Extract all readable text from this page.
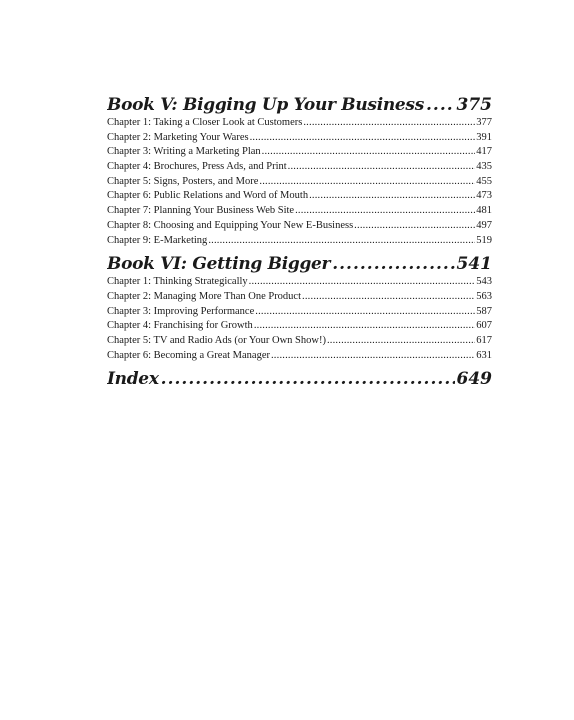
Book V: Bigging Up Your Business ..... 375
Chapter 1: Taking a Closer Look at Customers .....	377
Chapter 2: Marketing Your Wares .....	391
Chapter 3: Writing a Marketing Plan .....	417
Chapter 4: Brochures, Press Ads, and Print .....	435
Chapter 5: Signs, Posters, and More .....	455
Chapter 6: Public Relations and Word of Mouth .....	473
Chapter 7: Planning Your Business Web Site .....	481
Chapter 8: Choosing and Equipping Your New E-Business .....	497
Chapter 9: E-Marketing .....	519
Book VI: Getting Bigger .....	541
Chapter 1: Thinking Strategically .....	543
Chapter 2: Managing More Than One Product .....	563
Chapter 3: Improving Performance .....	587
Chapter 4: Franchising for Growth .....	607
Chapter 5: TV and Radio Ads (or Your Own Show!) .....	617
Chapter 6: Becoming a Great Manager .....	631
Index .....	649
